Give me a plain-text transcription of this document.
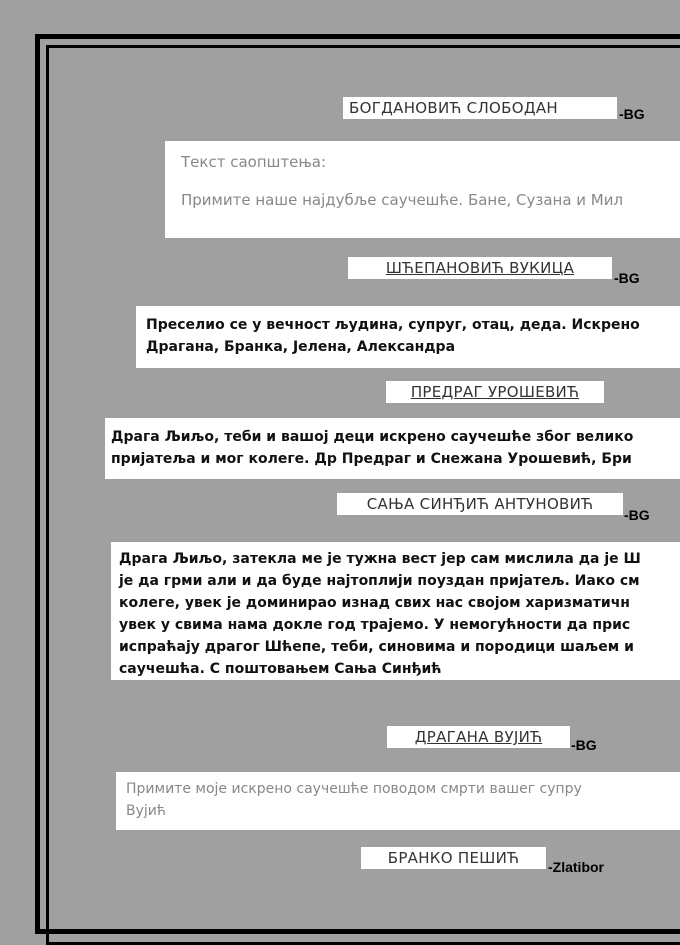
БОГДАНОВИЋ СЛОБОДАН	-BG
Текст саопштења:
Примите наше најдубље саучешће. Бане, Сузана и Мил
ШЋЕПАНОВИЋ ВУКИЦА
-BG
Преселио се у вечност људина, супруг, отац, деда. Искрено
Драгана, Бранка, Јелена, Александра
ПРЕДРАГ УРОШЕВИЋ
Драга Љиљо, теби и вашој деци искрено саучешће због велико
пријатеља и мог колеге. Др Предраг и Снежана Урошевић, Бри
САЊА СИНЂИЋ АНТУНОВИЋ
-BG
Драга Љиљо, затекла ме је тужна вест јер сам мислила да је Ш
је да грми али и да буде најтоплији поуздан пријатељ. Иако см
колеге, увек је доминирао изнад свих нас својом харизматичн
увек у свима нама докле год трајемо. У немогућности да прис
испраћају драгог Шћепе, теби, синовима и породици шаљем и
саучешћа. С поштовањем Сања Синђић
ДРАГАНА ВУЈИЋ	-BG
Примите моје искрено саучешће поводом смрти вашег супру
Вујић
БРАНКО ПЕШИЋ	-Zlatibor
